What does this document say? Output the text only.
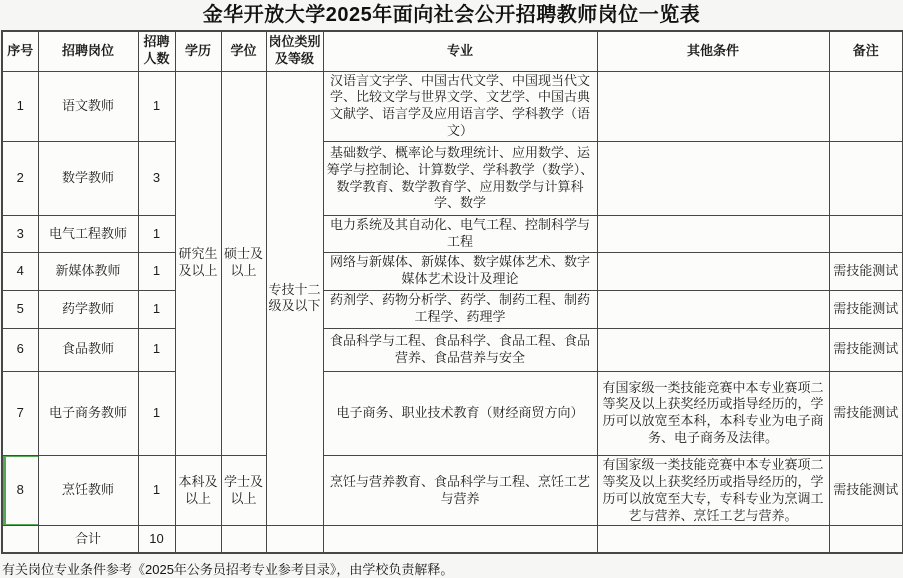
金华开放大学2025年面向社会公开招聘教师岗位一览表
序号	招聘岗位	招聘人数	学历	学位	岗位类别及等级	专业	其他条件	备注
1	语文教师	1	研究生及以上	硕士及以上	专技十二级及以下	汉语言文字学、中国古代文学、中国现当代文学、比较文学与世界文学、文艺学、中国古典文献学、语言学及应用语言学、学科教学（语文）		
2	数学教师	3				基础数学、概率论与数理统计、应用数学、运筹学与控制论、计算数学、学科教学（数学）、数学教育、数学教育学、应用数学与计算科学、数学		
3	电气工程教师	1				电力系统及其自动化、电气工程、控制科学与工程		
4	新媒体教师	1				网络与新媒体、新媒体、数字媒体艺术、数字媒体艺术设计及理论		需技能测试
5	药学教师	1				药剂学、药物分析学、药学、制药工程、制药工程学、药理学		需技能测试
6	食品教师	1				食品科学与工程、食品科学、食品工程、食品营养、食品营养与安全		需技能测试
7	电子商务教师	1				电子商务、职业技术教育（财经商贸方向）	有国家级一类技能竞赛中本专业赛项二等奖及以上获奖经历或指导经历的，学历可以放宽至本科，本科专业为电子商务、电子商务及法律。	需技能测试
8	烹饪教师	1	本科及以上	学士及以上		烹饪与营养教育、食品科学与工程、烹饪工艺与营养	有国家级一类技能竞赛中本专业赛项二等奖及以上获奖经历或指导经历的，学历可以放宽至大专，专科专业为烹调工艺与营养、烹饪工艺与营养。	需技能测试
	合计	10						
有关岗位专业条件参考《2025年公务员招考专业参考目录》，由学校负责解释。
